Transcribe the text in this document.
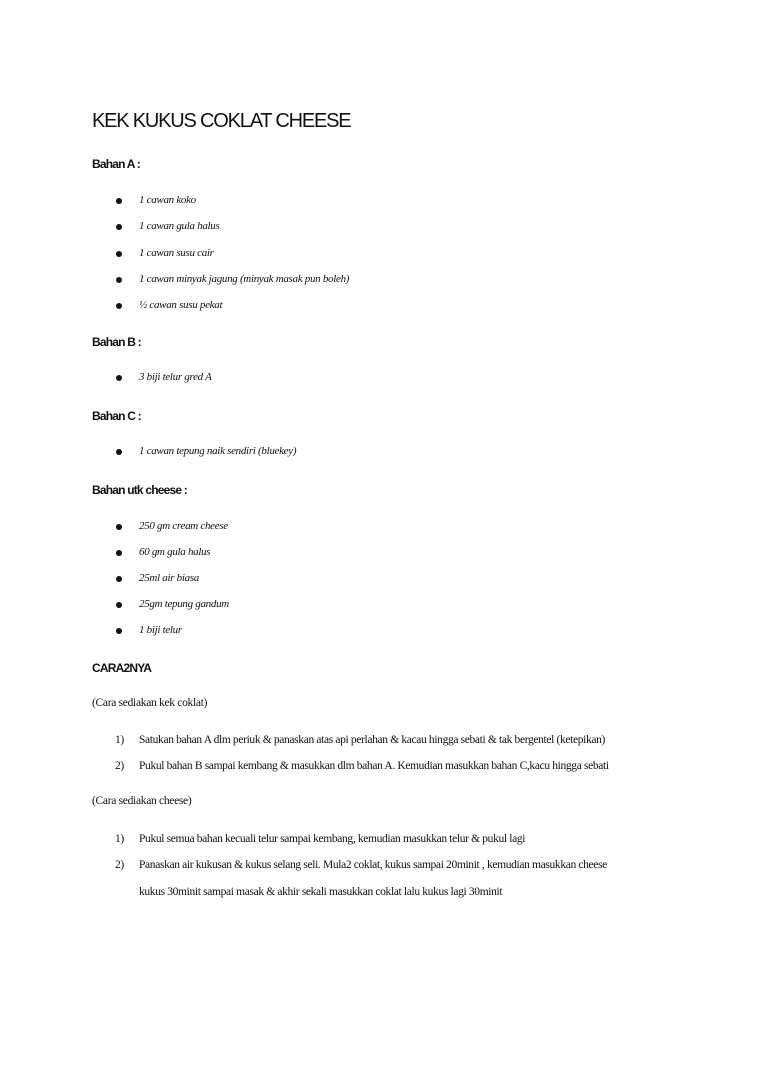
KEK KUKUS COKLAT CHEESE
Bahan A :
1 cawan koko
1 cawan gula halus
1 cawan susu cair
1 cawan minyak jagung (minyak masak pun boleh)
½ cawan susu pekat
Bahan B :
3 biji telur gred A
Bahan C :
1 cawan tepung naik sendiri (bluekey)
Bahan utk cheese :
250 gm cream cheese
60 gm gula halus
25ml air biasa
25gm tepung gandum
1 biji telur
CARA2NYA
(Cara sediakan kek coklat)
1) Satukan bahan A dlm periuk & panaskan atas api perlahan & kacau hingga sebati & tak bergentel (ketepikan)
2) Pukul bahan B sampai kembang & masukkan dlm bahan A. Kemudian masukkan bahan C,kacu hingga sebati
(Cara sediakan cheese)
1) Pukul semua bahan kecuali telur sampai kembang, kemudian masukkan telur & pukul lagi
2) Panaskan air kukusan & kukus selang seli. Mula2 coklat, kukus sampai 20minit , kemudian masukkan cheese
kukus 30minit sampai masak & akhir sekali masukkan coklat lalu kukus lagi 30minit
